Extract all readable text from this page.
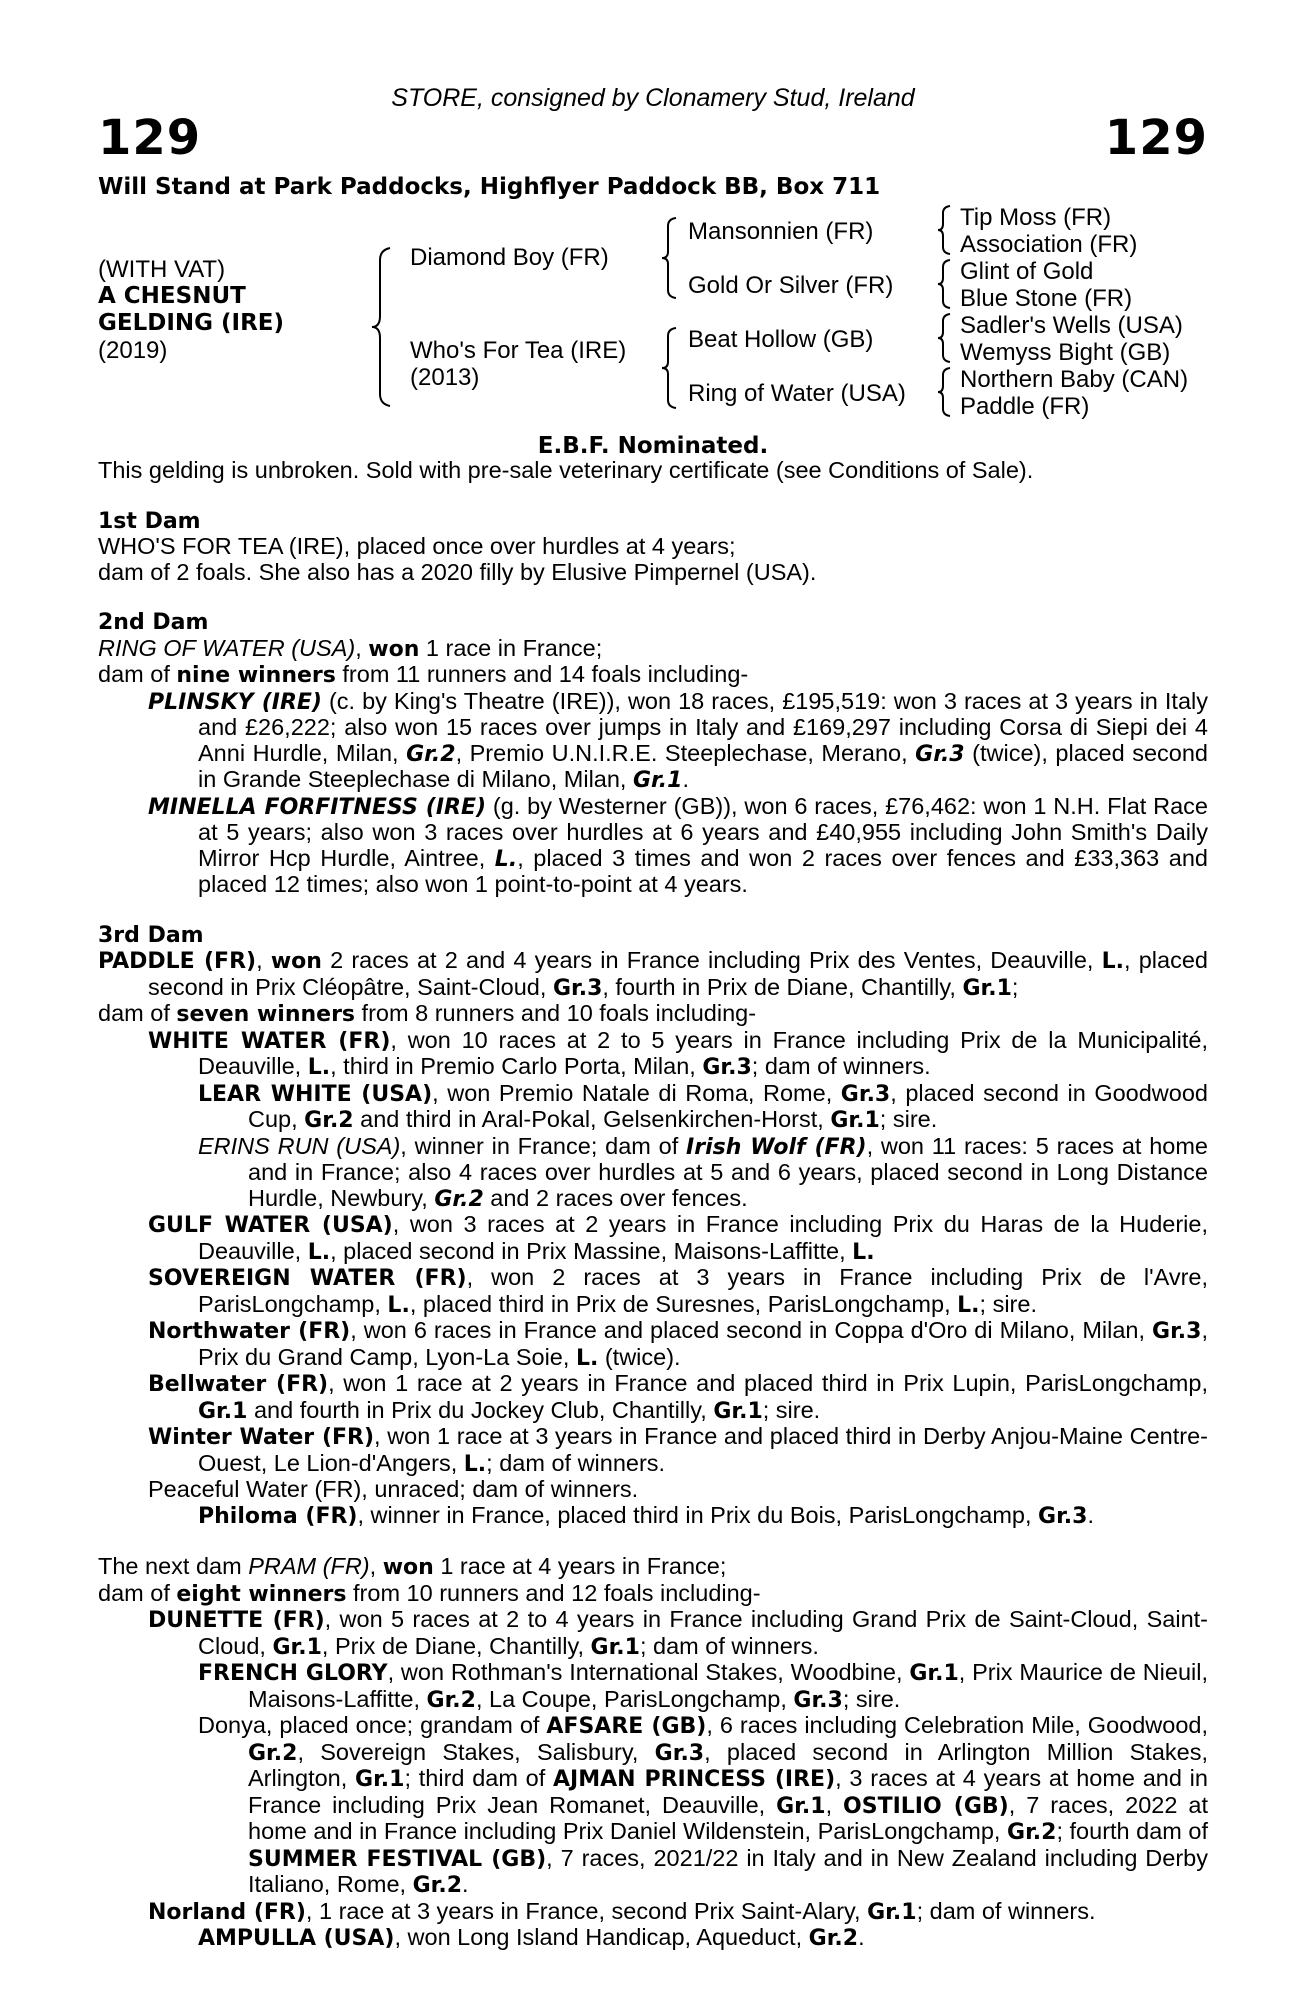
STORE, consigned by Clonamery Stud, Ireland
129	129
Will Stand at Park Paddocks, Highflyer Paddock BB, Box 711
(WITH VAT)
A CHESNUT
GELDING (IRE)
(2019)
Diamond Boy (FR)
Who's For Tea (IRE)
(2013)
Mansonnien (FR)
Gold Or Silver (FR)
Beat Hollow (GB)
Ring of Water (USA)
Tip Moss (FR)
Association (FR)
Glint of Gold
Blue Stone (FR)
Sadler's Wells (USA)
Wemyss Bight (GB)
Northern Baby (CAN)
Paddle (FR)
E.B.F. Nominated.
This gelding is unbroken. Sold with pre-sale veterinary certificate (see Conditions of Sale).
1st Dam
WHO'S FOR TEA (IRE), placed once over hurdles at 4 years;
dam of 2 foals. She also has a 2020 filly by Elusive Pimpernel (USA).
2nd Dam
RING OF WATER (USA), won 1 race in France;
dam of nine winners from 11 runners and 14 foals including-
PLINSKY (IRE) (c. by King's Theatre (IRE)), won 18 races, £195,519: won 3 races at 3 years in Italy and £26,222; also won 15 races over jumps in Italy and £169,297 including Corsa di Siepi dei 4 Anni Hurdle, Milan, Gr.2, Premio U.N.I.R.E. Steeplechase, Merano, Gr.3 (twice), placed second in Grande Steeplechase di Milano, Milan, Gr.1.
MINELLA FORFITNESS (IRE) (g. by Westerner (GB)), won 6 races, £76,462: won 1 N.H. Flat Race at 5 years; also won 3 races over hurdles at 6 years and £40,955 including John Smith's Daily Mirror Hcp Hurdle, Aintree, L., placed 3 times and won 2 races over fences and £33,363 and placed 12 times; also won 1 point-to-point at 4 years.
3rd Dam
PADDLE (FR), won 2 races at 2 and 4 years in France including Prix des Ventes, Deauville, L., placed second in Prix Cléopâtre, Saint-Cloud, Gr.3, fourth in Prix de Diane, Chantilly, Gr.1;
dam of seven winners from 8 runners and 10 foals including-
WHITE WATER (FR), won 10 races at 2 to 5 years in France including Prix de la Municipalité, Deauville, L., third in Premio Carlo Porta, Milan, Gr.3; dam of winners.
LEAR WHITE (USA), won Premio Natale di Roma, Rome, Gr.3, placed second in Goodwood Cup, Gr.2 and third in Aral-Pokal, Gelsenkirchen-Horst, Gr.1; sire.
ERINS RUN (USA), winner in France; dam of Irish Wolf (FR), won 11 races: 5 races at home and in France; also 4 races over hurdles at 5 and 6 years, placed second in Long Distance Hurdle, Newbury, Gr.2 and 2 races over fences.
GULF WATER (USA), won 3 races at 2 years in France including Prix du Haras de la Huderie, Deauville, L., placed second in Prix Massine, Maisons-Laffitte, L.
SOVEREIGN WATER (FR), won 2 races at 3 years in France including Prix de l'Avre, ParisLongchamp, L., placed third in Prix de Suresnes, ParisLongchamp, L.; sire.
Northwater (FR), won 6 races in France and placed second in Coppa d'Oro di Milano, Milan, Gr.3, Prix du Grand Camp, Lyon-La Soie, L. (twice).
Bellwater (FR), won 1 race at 2 years in France and placed third in Prix Lupin, ParisLongchamp, Gr.1 and fourth in Prix du Jockey Club, Chantilly, Gr.1; sire.
Winter Water (FR), won 1 race at 3 years in France and placed third in Derby Anjou-Maine Centre-Ouest, Le Lion-d'Angers, L.; dam of winners.
Peaceful Water (FR), unraced; dam of winners.
Philoma (FR), winner in France, placed third in Prix du Bois, ParisLongchamp, Gr.3.
The next dam PRAM (FR), won 1 race at 4 years in France;
dam of eight winners from 10 runners and 12 foals including-
DUNETTE (FR), won 5 races at 2 to 4 years in France including Grand Prix de Saint-Cloud, Saint-Cloud, Gr.1, Prix de Diane, Chantilly, Gr.1; dam of winners.
FRENCH GLORY, won Rothman's International Stakes, Woodbine, Gr.1, Prix Maurice de Nieuil, Maisons-Laffitte, Gr.2, La Coupe, ParisLongchamp, Gr.3; sire.
Donya, placed once; grandam of AFSARE (GB), 6 races including Celebration Mile, Goodwood, Gr.2, Sovereign Stakes, Salisbury, Gr.3, placed second in Arlington Million Stakes, Arlington, Gr.1; third dam of AJMAN PRINCESS (IRE), 3 races at 4 years at home and in France including Prix Jean Romanet, Deauville, Gr.1, OSTILIO (GB), 7 races, 2022 at home and in France including Prix Daniel Wildenstein, ParisLongchamp, Gr.2; fourth dam of SUMMER FESTIVAL (GB), 7 races, 2021/22 in Italy and in New Zealand including Derby Italiano, Rome, Gr.2.
Norland (FR), 1 race at 3 years in France, second Prix Saint-Alary, Gr.1; dam of winners.
AMPULLA (USA), won Long Island Handicap, Aqueduct, Gr.2.
